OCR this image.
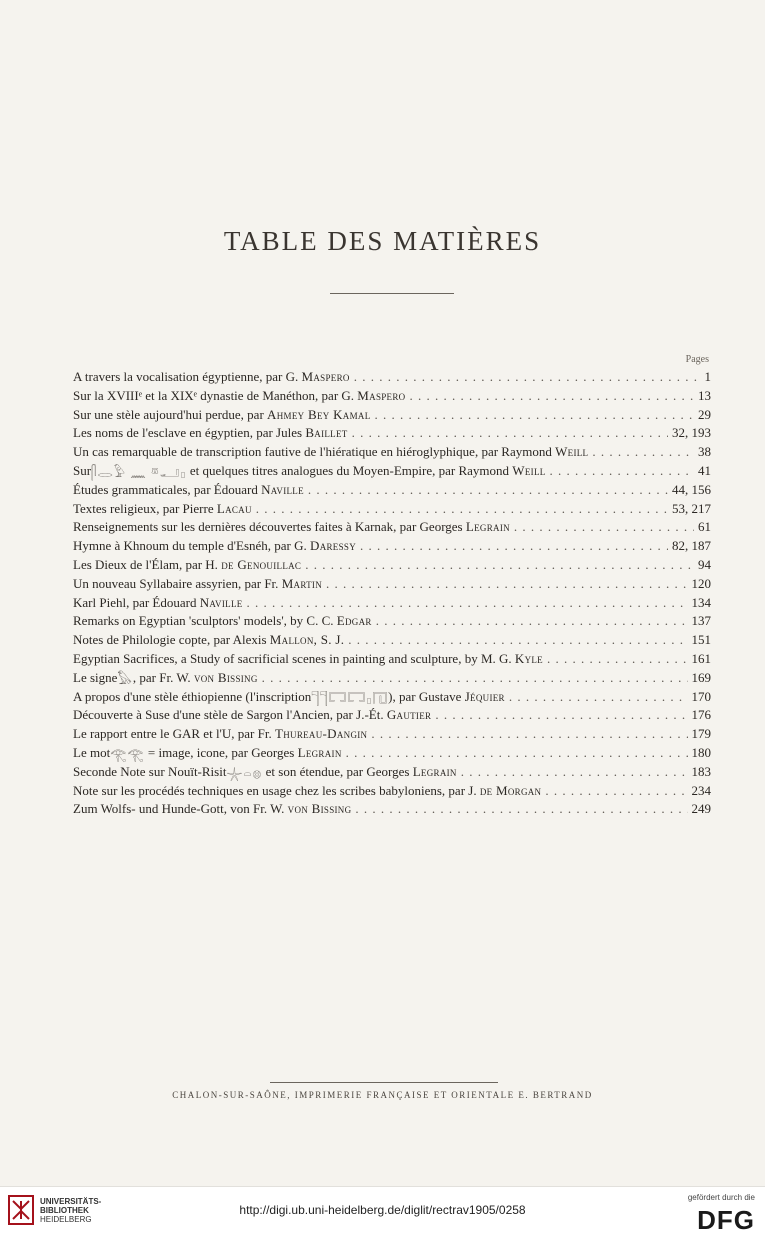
TABLE DES MATIÈRES
Pages
A travers la vocalisation égyptienne, par G. Maspero . . .	1
Sur la XVIIIᵉ et la XIXᵉ dynastie de Manéthon, par G. Maspero . . .	13
Sur une stèle aujourd'hui perdue, par Ahmey Bey Kamal . . .	29
Les noms de l'esclave en égyptien, par Jules Baillet . . .	32, 193
Un cas remarquable de transcription fautive de l'hiératique en hiéroglyphique, par Raymond Weill . . .	38
Sur𓋴𓂋𓅱 𓈖 𓎼𓂝𓊪 et quelques titres analogues du Moyen-Empire, par Raymond Weill . . .	41
Études grammaticales, par Édouard Naville . . .	44, 156
Textes religieux, par Pierre Lacau . . .	53, 217
Renseignements sur les dernières découvertes faites à Karnak, par Georges Legrain . . .	61
Hymne à Khnoum du temple d'Esnéh, par G. Daressy . . .	82, 187
Les Dieux de l'Élam, par H. de Genouillac . . .	94
Un nouveau Syllabaire assyrien, par Fr. Martin . . .	120
Karl Piehl, par Édouard Naville . . .	134
Remarks on Egyptian 'sculptors' models', by C. C. Edgar . . .	137
Notes de Philologie copte, par Alexis Mallon, S. J. . . .	151
Egyptian Sacrifices, a Study of sacrificial scenes in painting and sculpture, by M. G. Kyle . . .	161
Le signe𓅃, par Fr. W. von Bissing . . .	169
A propos d'une stèle éthiopienne (l'inscription𓊹𓊹𓉐𓉐𓊪𓉔), par Gustave Jéquier . . .	170
Découverte à Suse d'une stèle de Sargon l'Ancien, par J.-Ét. Gautier . . .	176
Le rapport entre le GAR et l'U, par Fr. Thureau-Dangin . . .	179
Le mot𓂀𓂀 = image, icone, par Georges Legrain . . .	180
Seconde Note sur Nouït-Risit𓇼𓏏𓊖 et son étendue, par Georges Legrain . . .	183
Note sur les procédés techniques en usage chez les scribes babyloniens, par J. de Morgan . . .	234
Zum Wolfs- und Hunde-Gott, von Fr. W. von Bissing . . .	249
CHALON-SUR-SAÔNE, IMPRIMERIE FRANÇAISE ET ORIENTALE E. BERTRAND
UNIVERSITÄTS-
BIBLIOTHEK
HEIDELBERG
http://digi.ub.uni-heidelberg.de/diglit/rectrav1905/0258
gefördert durch die
DFG
